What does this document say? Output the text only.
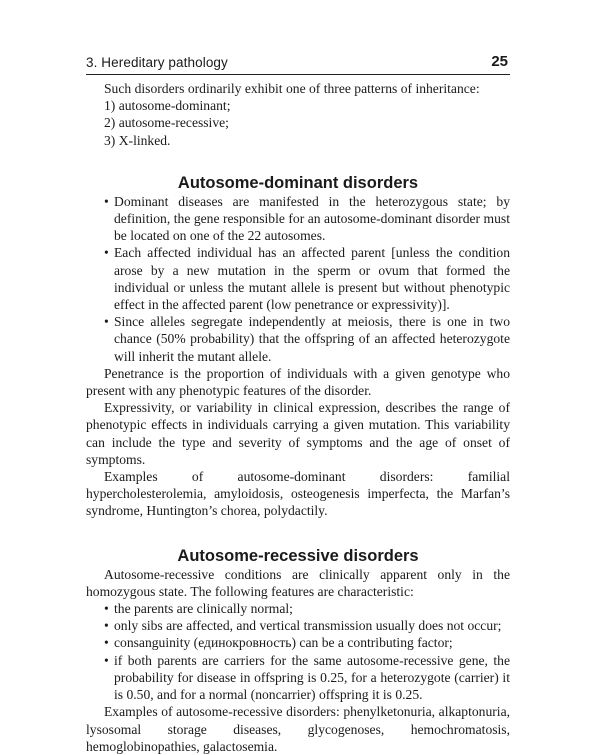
3. Hereditary pathology	25

Such disorders ordinarily exhibit one of three patterns of inheritance:

1) autosome-dominant;

2) autosome-recessive;

3) X-linked.

Autosome-dominant disorders
• Dominant diseases are manifested in the heterozygous state; by definition, the gene responsible for an autosome-dominant disorder must be located on one of the 22 autosomes.
• Each affected individual has an affected parent [unless the condition arose by a new mutation in the sperm or ovum that formed the individual or unless the mutant allele is present but without phenotypic effect in the affected parent (low penetrance or expressivity)].
• Since alleles segregate independently at meiosis, there is one in two chance (50% probability) that the offspring of an affected heterozygote will inherit the mutant allele.

Penetrance is the proportion of individuals with a given genotype who present with any phenotypic features of the disorder.

Expressivity, or variability in clinical expression, describes the range of phenotypic effects in individuals carrying a given mutation. This variability can include the type and severity of symptoms and the age of onset of symptoms.

Examples of autosome-dominant disorders: familial hypercholesterolemia, amyloidosis, osteogenesis imperfecta, the Marfan’s syndrome, Huntington’s chorea, polydactily.

Autosome-recessive disorders

Autosome-recessive conditions are clinically apparent only in the homozygous state. The following features are characteristic:

• the parents are clinically normal;
• only sibs are affected, and vertical transmission usually does not occur;
• consanguinity (единокровность) can be a contributing factor;
• if both parents are carriers for the same autosome-recessive gene, the probability for disease in offspring is 0.25, for a heterozygote (carrier) it is 0.50, and for a normal (noncarrier) offspring it is 0.25.

Examples of autosome-recessive disorders: phenylketonuria, alkaptonuria, lysosomal storage diseases, glycogenoses, hemochromatosis, hemoglobinopathies, galactosemia.
